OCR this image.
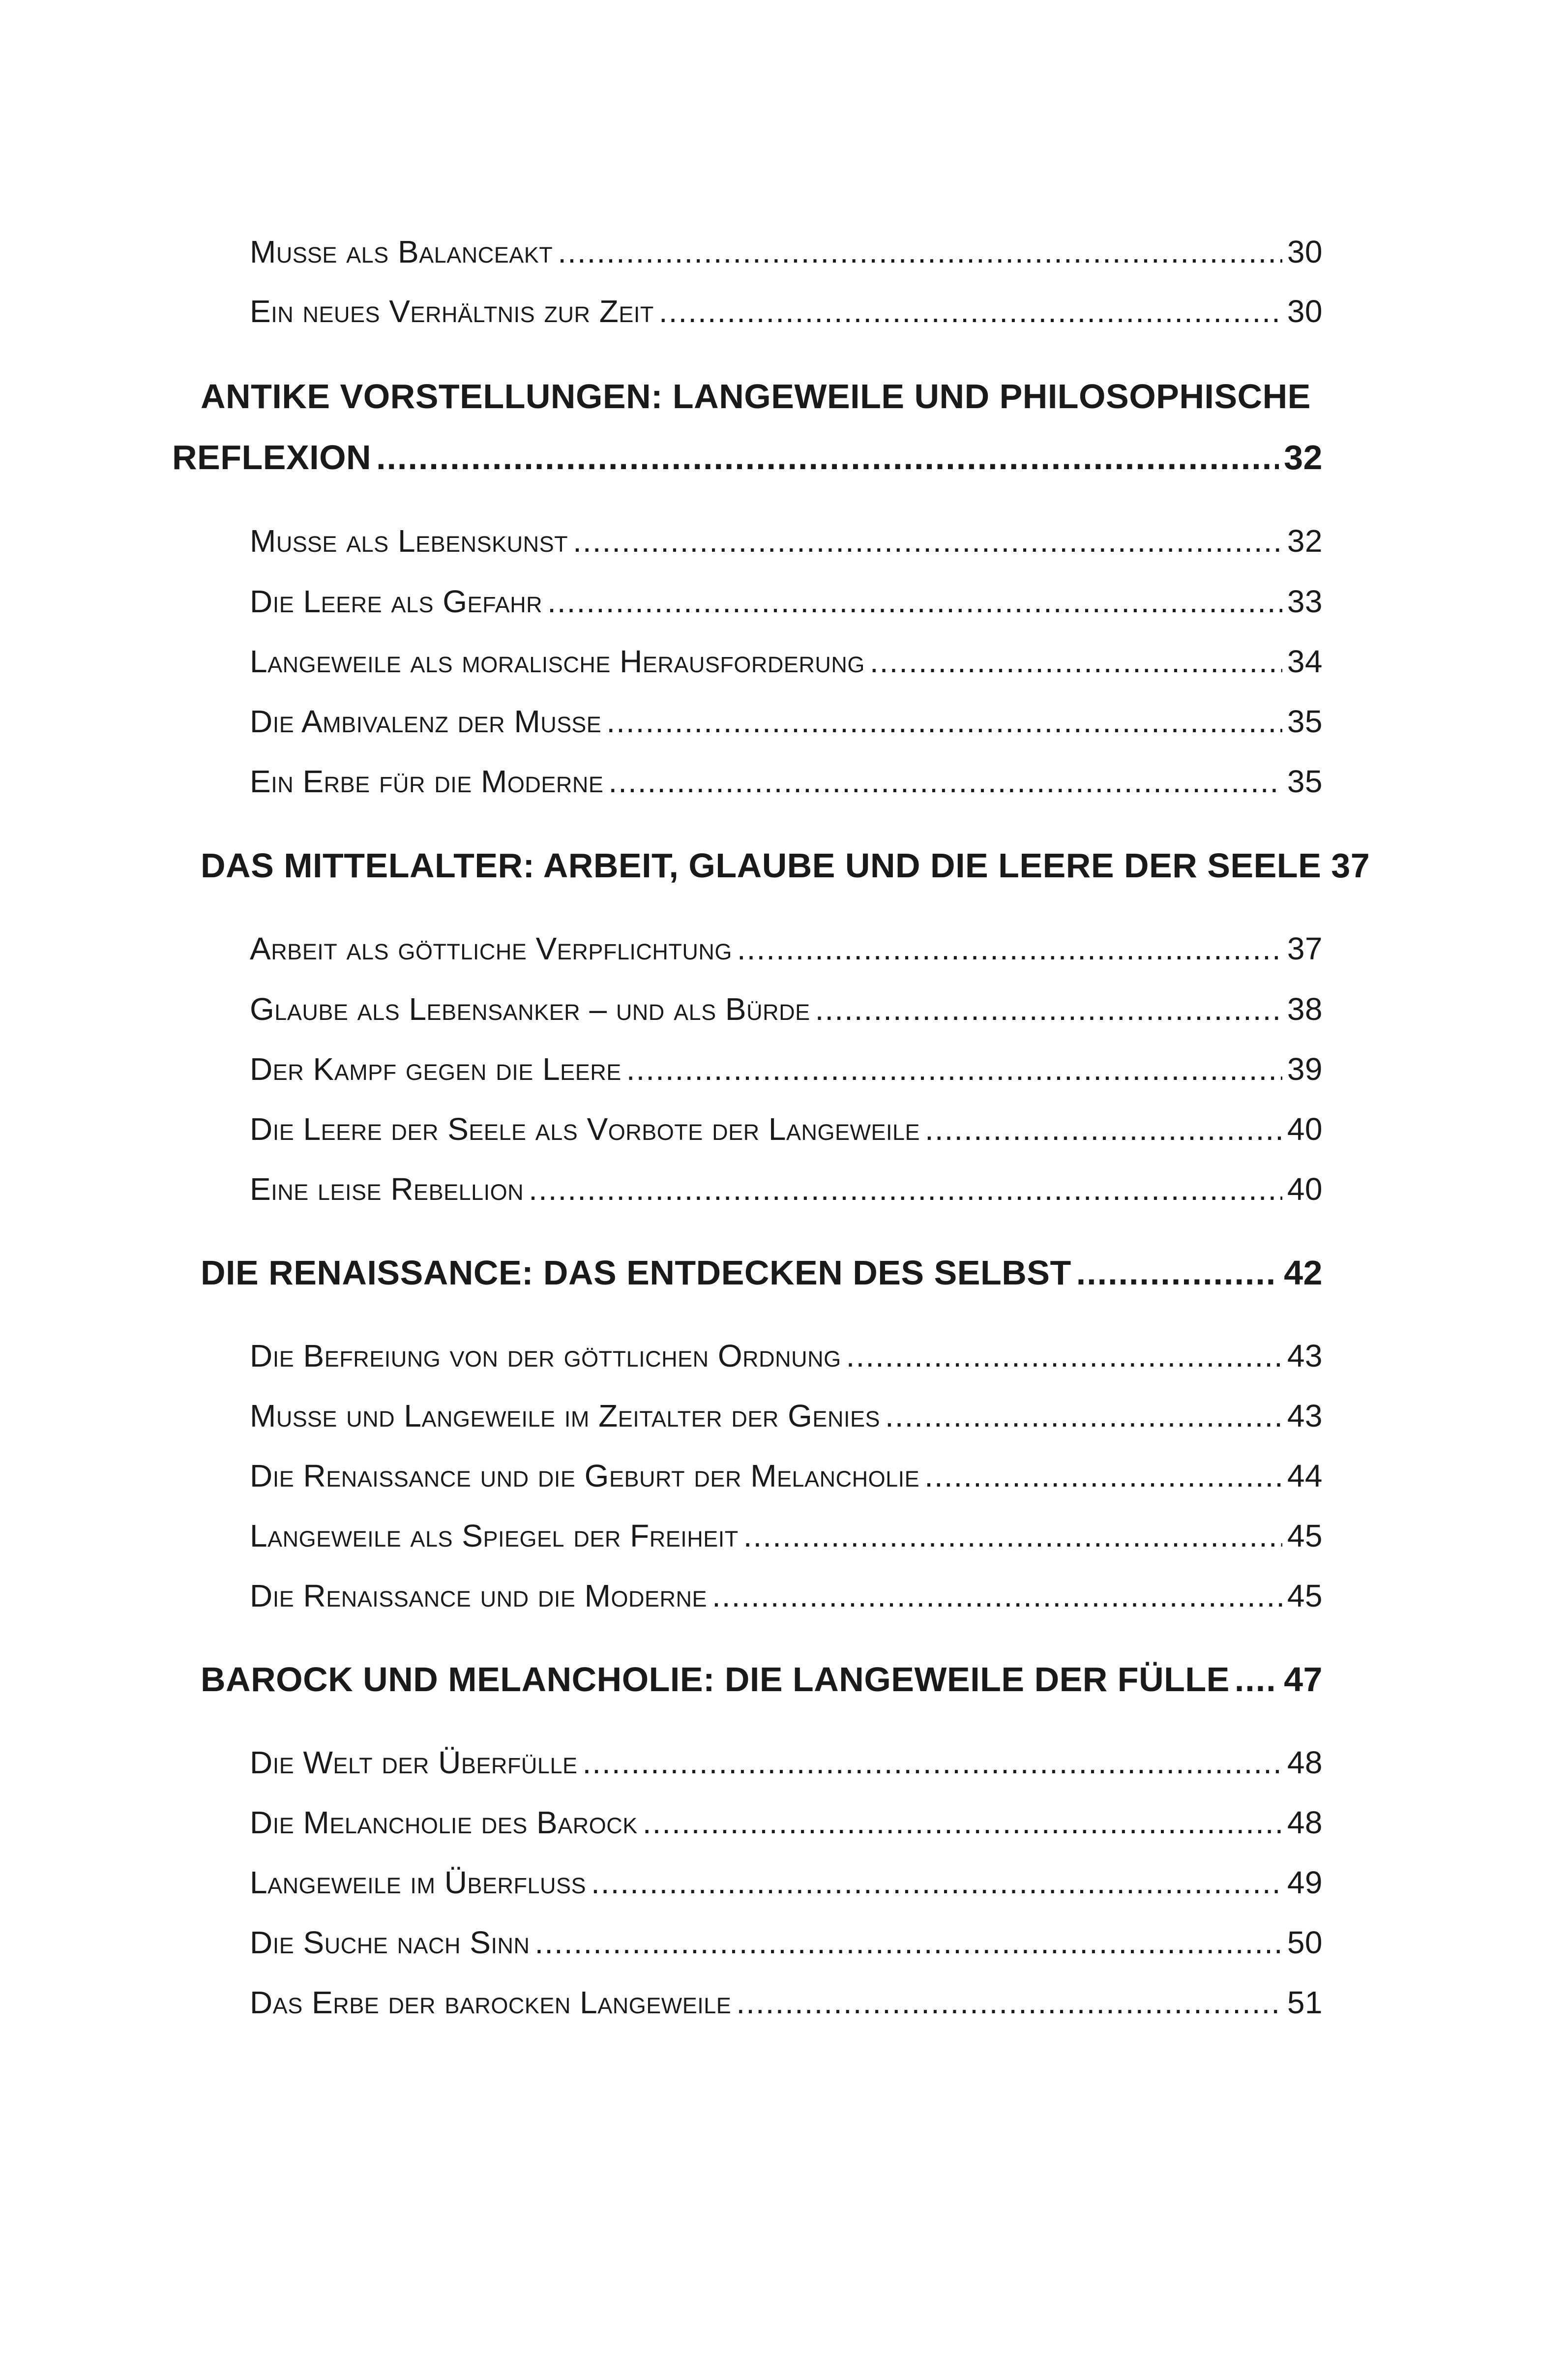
Muße als Balanceakt .....	30
Ein neues Verhältnis zur Zeit .....	30
ANTIKE VORSTELLUNGEN: LANGEWEILE UND PHILOSOPHISCHE
REFLEXION .....	32
Muße als Lebenskunst .....	32
Die Leere als Gefahr .....	33
Langeweile als moralische Herausforderung .....	34
Die Ambivalenz der Muße .....	35
Ein Erbe für die Moderne .....	35
DAS MITTELALTER: ARBEIT, GLAUBE UND DIE LEERE DER SEELE 37
Arbeit als göttliche Verpflichtung .....	37
Glaube als Lebensanker – und als Bürde .....	38
Der Kampf gegen die Leere .....	39
Die Leere der Seele als Vorbote der Langeweile .....	40
Eine leise Rebellion .....	40
DIE RENAISSANCE: DAS ENTDECKEN DES SELBST .....	42
Die Befreiung von der göttlichen Ordnung .....	43
Muße und Langeweile im Zeitalter der Genies .....	43
Die Renaissance und die Geburt der Melancholie .....	44
Langeweile als Spiegel der Freiheit .....	45
Die Renaissance und die Moderne .....	45
BAROCK UND MELANCHOLIE: DIE LANGEWEILE DER FÜLLE ..... 47
Die Welt der Überfülle .....	48
Die Melancholie des Barock .....	48
Langeweile im Überfluss .....	49
Die Suche nach Sinn .....	50
Das Erbe der barocken Langeweile .....	51
